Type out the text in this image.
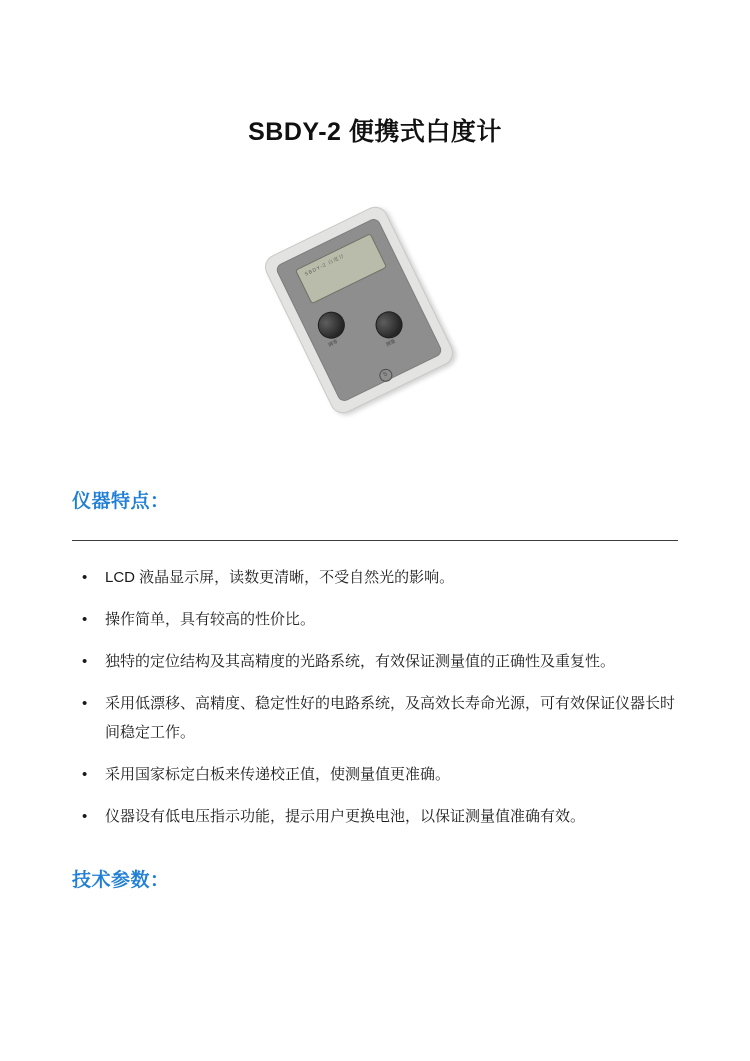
SBDY-2 便携式白度计
SBDY-2 白度计
调零	测量
S
仪器特点：
• LCD 液晶显示屏，读数更清晰，不受自然光的影响。
• 操作简单，具有较高的性价比。
• 独特的定位结构及其高精度的光路系统，有效保证测量值的正确性及重复性。
• 采用低漂移、高精度、稳定性好的电路系统，及高效长寿命光源，可有效保证仪器长时间稳定工作。
• 采用国家标定白板来传递校正值，使测量值更准确。
• 仪器设有低电压指示功能，提示用户更换电池，以保证测量值准确有效。
技术参数：
